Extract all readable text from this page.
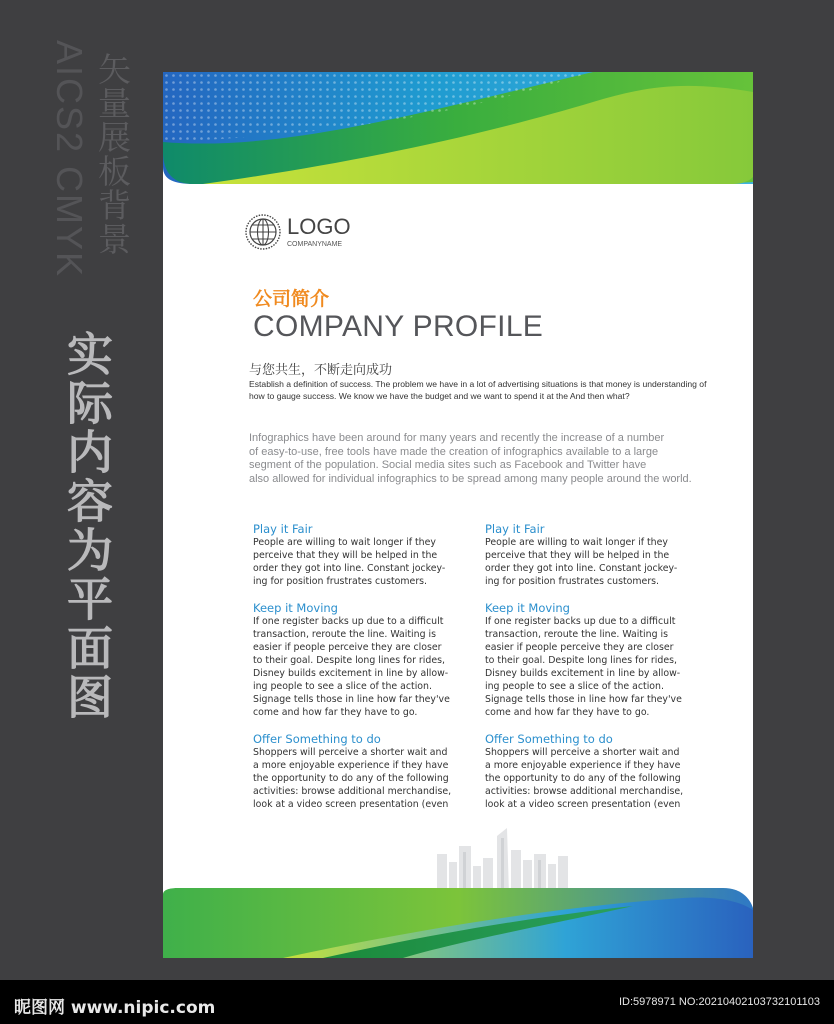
AICS2 CMYK 矢量展板背景
实际内容为平面图
LOGO
COMPANYNAME
公司简介
COMPANY PROFILE
与您共生，不断走向成功
Establish a definition of success. The problem we have in a lot of advertising situations is that money is understanding of how to gauge success. We know we have the budget and we want to spend it at the And then what?
Infographics have been around for many years and recently the increase of a number
of easy-to-use, free tools have made the creation of infographics available to a large
segment of the population. Social media sites such as Facebook and Twitter have
also allowed for individual infographics to be spread among many people around the world.
Play it Fair

People are willing to wait longer if they

perceive that they will be helped in the

order they got into line. Constant jockey-

ing for position frustrates customers.

Keep it Moving

If one register backs up due to a difficult

transaction, reroute the line. Waiting is

easier if people perceive they are closer

to their goal. Despite long lines for rides,

Disney builds excitement in line by allow-

ing people to see a slice of the action.

Signage tells those in line how far they've

come and how far they have to go.

Offer Something to do

Shoppers will perceive a shorter wait and

a more enjoyable experience if they have

the opportunity to do any of the following

activities: browse additional merchandise,

look at a video screen presentation (even

Play it Fair

People are willing to wait longer if they

perceive that they will be helped in the

order they got into line. Constant jockey-

ing for position frustrates customers.

Keep it Moving

If one register backs up due to a difficult

transaction, reroute the line. Waiting is

easier if people perceive they are closer

to their goal. Despite long lines for rides,

Disney builds excitement in line by allow-

ing people to see a slice of the action.

Signage tells those in line how far they've

come and how far they have to go.

Offer Something to do

Shoppers will perceive a shorter wait and

a more enjoyable experience if they have

the opportunity to do any of the following

activities: browse additional merchandise,

look at a video screen presentation (even

昵图网 www.nipic.com	ID:5978971 NO:20210402103732101103
